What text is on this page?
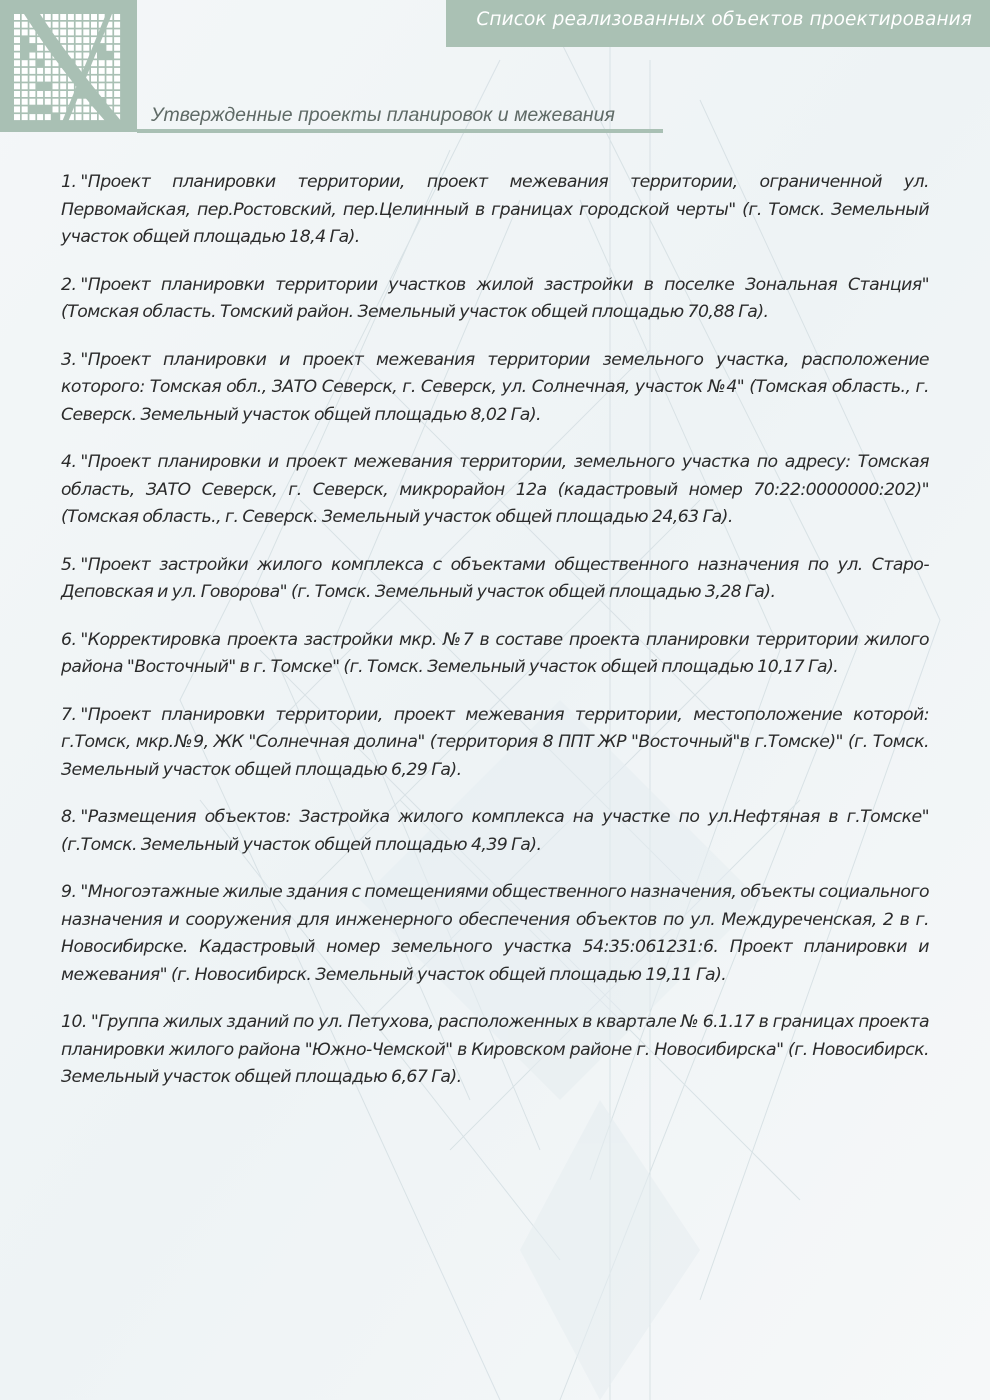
Список реализованных объектов проектирования
Утвержденные проекты планировок и межевания

1. "Проект планировки территории, проект межевания территории, ограниченной ул. Первомайская, пер.Ростовский, пер.Целинный в границах городской черты" (г. Томск. Земельный участок общей площадью 18,4 Га).

2. "Проект планировки территории участков жилой застройки в поселке Зональная Станция" (Томская область. Томский район. Земельный участок общей площадью 70,88 Га).

3. "Проект планировки и проект межевания территории земельного участка, расположение которого: Томская обл., ЗАТО Северск, г. Северск, ул. Солнечная, участок №4" (Томская область., г. Северск. Земельный участок общей площадью 8,02 Га).

4. "Проект планировки и проект межевания территории, земельного участка по адресу: Томская область, ЗАТО Северск, г. Северск, микрорайон 12а (кадастровый номер 70:22:0000000:202)" (Томская область., г. Северск. Земельный участок общей площадью 24,63 Га).

5. "Проект застройки жилого комплекса с объектами общественного назначения по ул. Старо-Деповская и ул. Говорова" (г. Томск. Земельный участок общей площадью 3,28 Га).

6. "Корректировка проекта застройки мкр. №7 в составе проекта планировки территории жилого района "Восточный" в г. Томске" (г. Томск. Земельный участок общей площадью 10,17 Га).

7. "Проект планировки территории, проект межевания территории, местоположение которой: г.Томск, мкр.№9, ЖК "Солнечная долина" (территория 8 ППТ ЖР "Восточный"в г.Томске)" (г. Томск. Земельный участок общей площадью 6,29 Га).

8. "Размещения объектов: Застройка жилого комплекса на участке по ул.Нефтяная в г.Томске" (г.Томск. Земельный участок общей площадью 4,39 Га).

9. "Многоэтажные жилые здания с помещениями общественного назначения, объекты социального назначения и сооружения для инженерного обеспечения объектов по ул. Междуреченская, 2 в г. Новосибирске. Кадастровый номер земельного участка 54:35:061231:6. Проект планировки и межевания" (г. Новосибирск. Земельный участок общей площадью 19,11 Га).

10. "Группа жилых зданий по ул. Петухова, расположенных в квартале № 6.1.17 в границах проекта планировки жилого района "Южно-Чемской" в Кировском районе г. Новосибирска" (г. Новосибирск. Земельный участок общей площадью 6,67 Га).
